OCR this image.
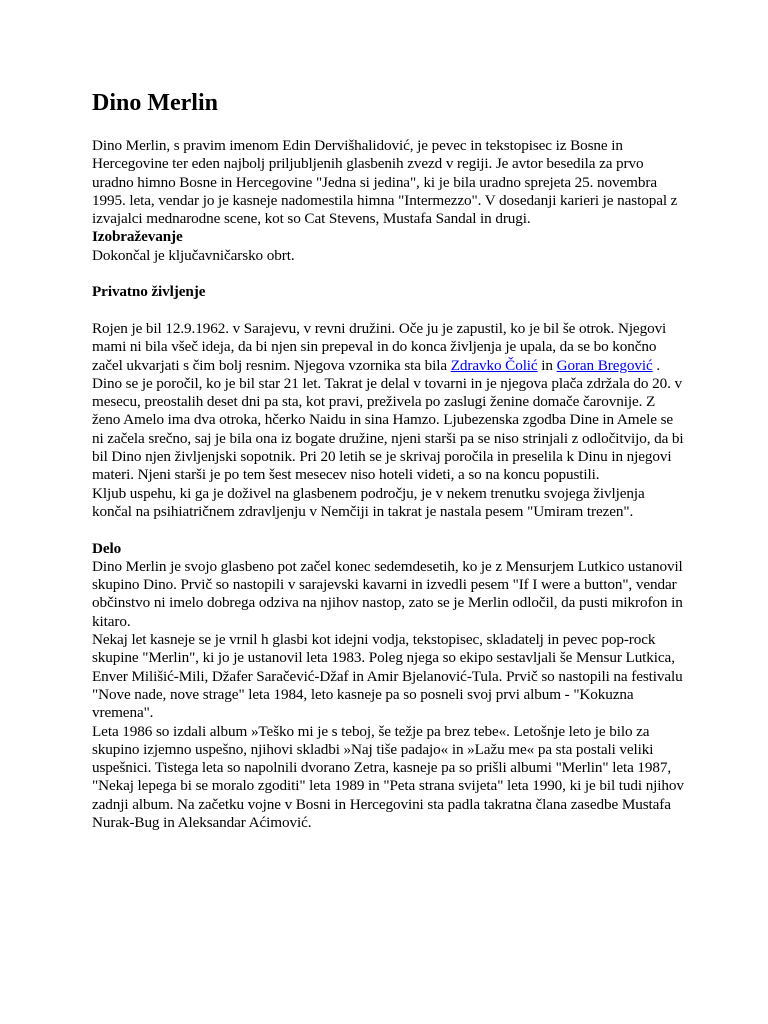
Dino Merlin

Dino Merlin, s pravim imenom Edin Dervišhalidović, je pevec in tekstopisec iz Bosne in Hercegovine ter eden najbolj priljubljenih glasbenih zvezd v regiji. Je avtor besedila za prvo uradno himno Bosne in Hercegovine "Jedna si jedina", ki je bila uradno sprejeta 25. novembra 1995. leta, vendar jo je kasneje nadomestila himna "Intermezzo". V dosedanji karieri je nastopal z izvajalci mednarodne scene, kot so Cat Stevens, Mustafa Sandal in drugi.

Izobraževanje

Dokončal je ključavničarsko obrt.

Privatno življenje

Rojen je bil 12.9.1962. v Sarajevu, v revni družini. Oče ju je zapustil, ko je bil še otrok. Njegovi mami ni bila všeč ideja, da bi njen sin prepeval in do konca življenja je upala, da se bo končno začel ukvarjati s čim bolj resnim. Njegova vzornika sta bila Zdravko Čolić in Goran Bregović .

Dino se je poročil, ko je bil star 21 let. Takrat je delal v tovarni in je njegova plača zdržala do 20. v mesecu, preostalih deset dni pa sta, kot pravi, preživela po zaslugi ženine domače čarovnije. Z ženo Amelo ima dva otroka, hčerko Naidu in sina Hamzo. Ljubezenska zgodba Dine in Amele se ni začela srečno, saj je bila ona iz bogate družine, njeni starši pa se niso strinjali z odločitvijo, da bi bil Dino njen življenjski sopotnik. Pri 20 letih se je skrivaj poročila in preselila k Dinu in njegovi materi. Njeni starši je po tem šest mesecev niso hoteli videti, a so na koncu popustili.

Kljub uspehu, ki ga je doživel na glasbenem področju, je v nekem trenutku svojega življenja končal na psihiatričnem zdravljenju v Nemčiji in takrat je nastala pesem "Umiram trezen".

Delo

Dino Merlin je svojo glasbeno pot začel konec sedemdesetih, ko je z Mensurjem Lutkico ustanovil skupino Dino. Prvič so nastopili v sarajevski kavarni in izvedli pesem "If I were a button", vendar občinstvo ni imelo dobrega odziva na njihov nastop, zato se je Merlin odločil, da pusti mikrofon in kitaro.

Nekaj let kasneje se je vrnil h glasbi kot idejni vodja, tekstopisec, skladatelj in pevec pop-rock skupine "Merlin", ki jo je ustanovil leta 1983. Poleg njega so ekipo sestavljali še Mensur Lutkica, Enver Milišić-Mili, Džafer Saračević-Džaf in Amir Bjelanović-Tula. Prvič so nastopili na festivalu "Nove nade, nove strage" leta 1984, leto kasneje pa so posneli svoj prvi album - "Kokuzna vremena".

Leta 1986 so izdali album »Teško mi je s teboj, še težje pa brez tebe«. Letošnje leto je bilo za skupino izjemno uspešno, njihovi skladbi »Naj tiše padajo« in »Lažu me« pa sta postali veliki uspešnici. Tistega leta so napolnili dvorano Zetra, kasneje pa so prišli albumi "Merlin" leta 1987, "Nekaj lepega bi se moralo zgoditi" leta 1989 in "Peta strana svijeta" leta 1990, ki je bil tudi njihov zadnji album. Na začetku vojne v Bosni in Hercegovini sta padla takratna člana zasedbe Mustafa Nurak-Bug in Aleksandar Aćimović.
